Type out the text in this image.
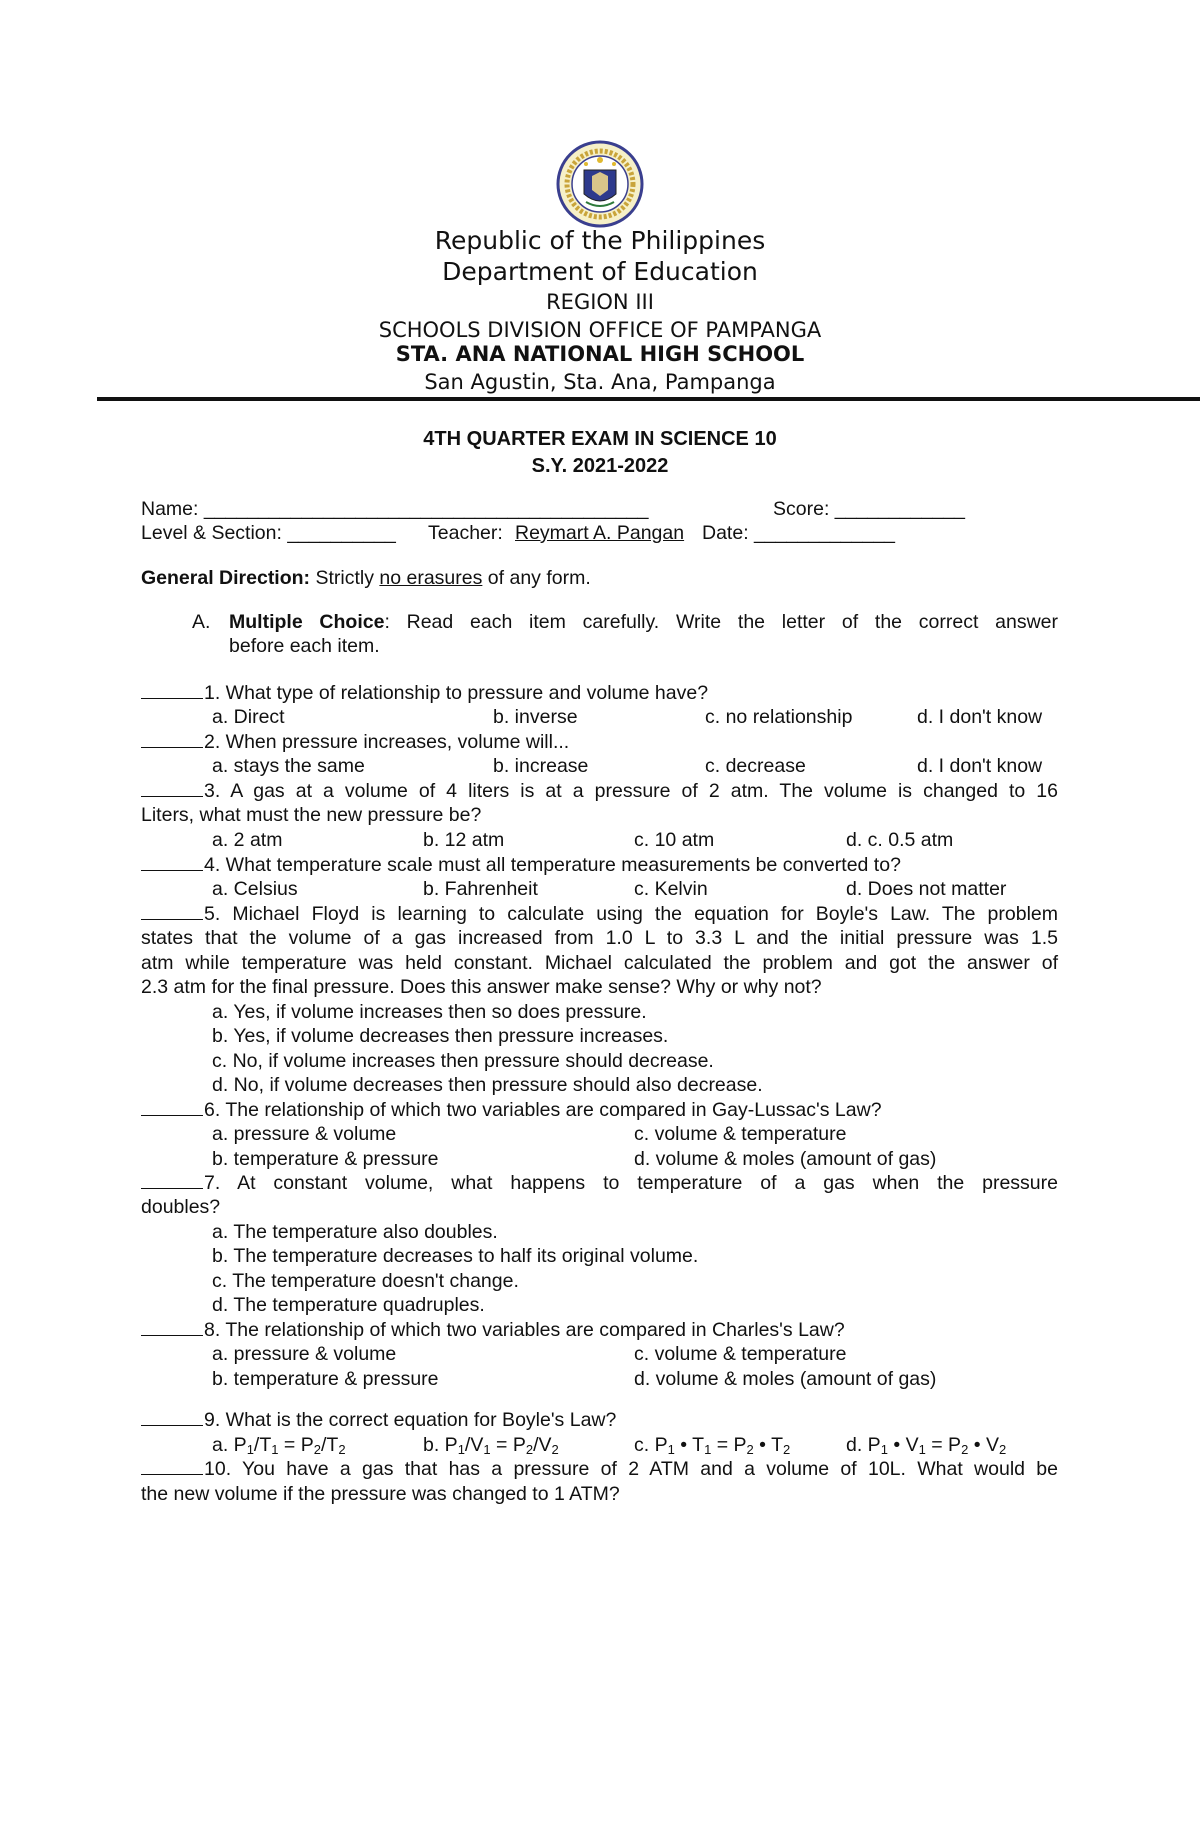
Republic of the Philippines
Department of Education
REGION III
SCHOOLS DIVISION OFFICE OF PAMPANGA
STA. ANA NATIONAL HIGH SCHOOL
San Agustin, Sta. Ana, Pampanga
4TH QUARTER EXAM IN SCIENCE 10
S.Y. 2021-2022
Name: _________________________________________	Score: ____________
Level & Section: __________ Teacher: Reymart A. Pangan Date: _____________
General Direction: Strictly no erasures of any form.
A. Multiple Choice: Read each item carefully. Write the letter of the correct answer
before each item.
1. What type of relationship to pressure and volume have?
a. Direct	b. inverse	c. no relationship	d. I don't know
2. When pressure increases, volume will...
a. stays the same	b. increase	c. decrease	d. I don't know
3. A gas at a volume of 4 liters is at a pressure of 2 atm. The volume is changed to 16
Liters, what must the new pressure be?
a. 2 atm	b. 12 atm	c. 10 atm	d. c. 0.5 atm
4. What temperature scale must all temperature measurements be converted to?
a. Celsius	b. Fahrenheit	c. Kelvin	d. Does not matter
5. Michael Floyd is learning to calculate using the equation for Boyle's Law. The problem
states that the volume of a gas increased from 1.0 L to 3.3 L and the initial pressure was 1.5
atm while temperature was held constant. Michael calculated the problem and got the answer of
2.3 atm for the final pressure. Does this answer make sense? Why or why not?
a. Yes, if volume increases then so does pressure.
b. Yes, if volume decreases then pressure increases.
c. No, if volume increases then pressure should decrease.
d. No, if volume decreases then pressure should also decrease.
6. The relationship of which two variables are compared in Gay-Lussac's Law?
a. pressure & volume	c. volume & temperature
b. temperature & pressure	d. volume & moles (amount of gas)
7. At constant volume, what happens to temperature of a gas when the pressure
doubles?
a. The temperature also doubles.
b. The temperature decreases to half its original volume.
c. The temperature doesn't change.
d. The temperature quadruples.
8. The relationship of which two variables are compared in Charles's Law?
a. pressure & volume	c. volume & temperature
b. temperature & pressure	d. volume & moles (amount of gas)
9. What is the correct equation for Boyle's Law?
a. $P_1/T_1 = P_2/T_2$	b. $P_1/V_1 = P_2/V_2$	c. $P_1$ • $T_1 = P_2$ • $T_2$	d. $P_1$ • $V_1 = P_2$ • $V_2$
10. You have a gas that has a pressure of 2 ATM and a volume of 10L. What would be
the new volume if the pressure was changed to 1 ATM?
